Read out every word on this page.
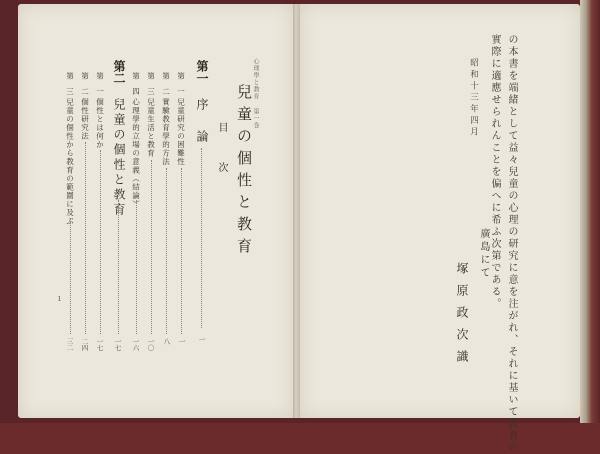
の本書を端緒として益々兒童の心理の研究に意を注がれ、それに基いて教育の
實際に適應せられんことを偏へに希ふ次第である。
昭和十三年四月
廣島にて
塚原政次識
心理學と教育 第一巻
兒童の個性と教育
目次
第一
序論
一
第一
兒童研究の困難性
一
第二
實驗教育學的方法
八
第三
兒童生活と教育
一〇
第四
心理學的立場の意義（結論）
一六
第二
兒童の個性と教育
一七
第一
個性とは何か
一七
第二
個性研究法
二四
第三
兒童の個性から教育の範圍に及ぶ
三二
ı
